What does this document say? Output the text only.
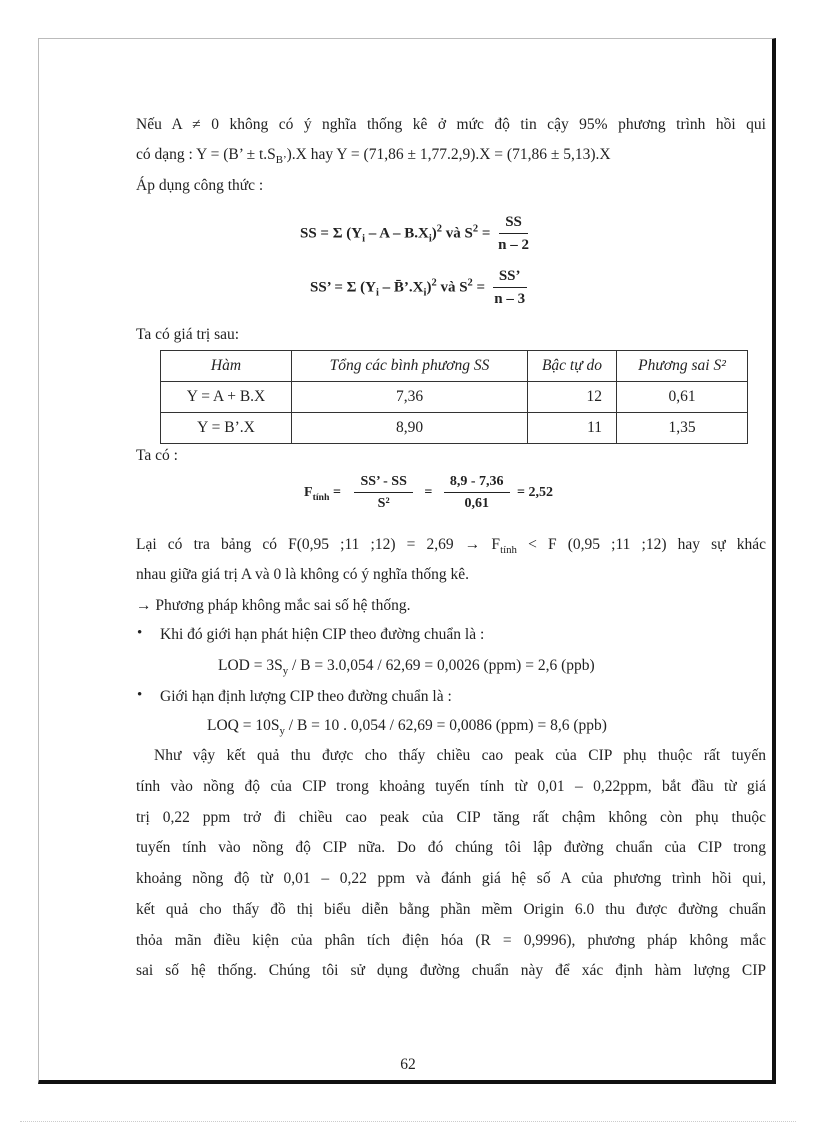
Nếu A ≠ 0 không có ý nghĩa thống kê ở mức độ tin cậy 95% phương trình hồi qui
có dạng : Y = (B’ ± $t.S_{B’}).X$ hay Y = (71,86 ± 1,77.2,9).X = (71,86 ± 5,13).X
Áp dụng công thức :
SS = Σ ($Y_i$ – A – $B.X_i)^2$ và $S^2 = \frac{SS}{n - 2}$
SS’ = Σ ($Y_i$ – $B̄’.X_i)^2$ và $S^2 = \frac{SS’}{n - 3}$
Ta có giá trị sau:
Hàm	Tổng các bình phương SS	Bậc tự do	Phương sai S²
Y = A + B.X	7,36	12	0,61
Y = B’.X	8,90	11	1,35
Ta có :
$F_{tính} = \frac{SS’ - SS}{\text{S²}} = \frac{8,9 - 7,36}{0,61} = 2,52$
Lại có tra bảng có F(0,95 ;11 ;12) = $2,69 \to F_{tính} < F$ (0,95 ;11 ;12) hay sự khác
nhau giữa giá trị A và 0 là không có ý nghĩa thống kê.
→ Phương pháp không mắc sai số hệ thống.
• Khi đó giới hạn phát hiện CIP theo đường chuẩn là :
LOD = $3S_y / B = 3.0,054 / 62,69 = 0,0026$ (ppm) = 2,6 (ppb)
• Giới hạn định lượng CIP theo đường chuẩn là :
LOQ = $10S_y / B = 10$ . 0,054 / 62,69 = 0,0086 (ppm) = 8,6 (ppb)
Như vậy kết quả thu được cho thấy chiều cao peak của CIP phụ thuộc rất tuyến
tính vào nồng độ của CIP trong khoảng tuyến tính từ 0,01 – 0,22ppm, bắt đầu từ giá
trị 0,22 ppm trở đi chiều cao peak của CIP tăng rất chậm không còn phụ thuộc
tuyến tính vào nồng độ CIP nữa. Do đó chúng tôi lập đường chuẩn của CIP trong
khoảng nồng độ từ 0,01 – 0,22 ppm và đánh giá hệ số A của phương trình hồi qui,
kết quả cho thấy đồ thị biểu diễn bằng phần mềm Origin 6.0 thu được đường chuẩn
thỏa mãn điều kiện của phân tích điện hóa (R = 0,9996), phương pháp không mắc
sai số hệ thống. Chúng tôi sử dụng đường chuẩn này để xác định hàm lượng CIP
62
